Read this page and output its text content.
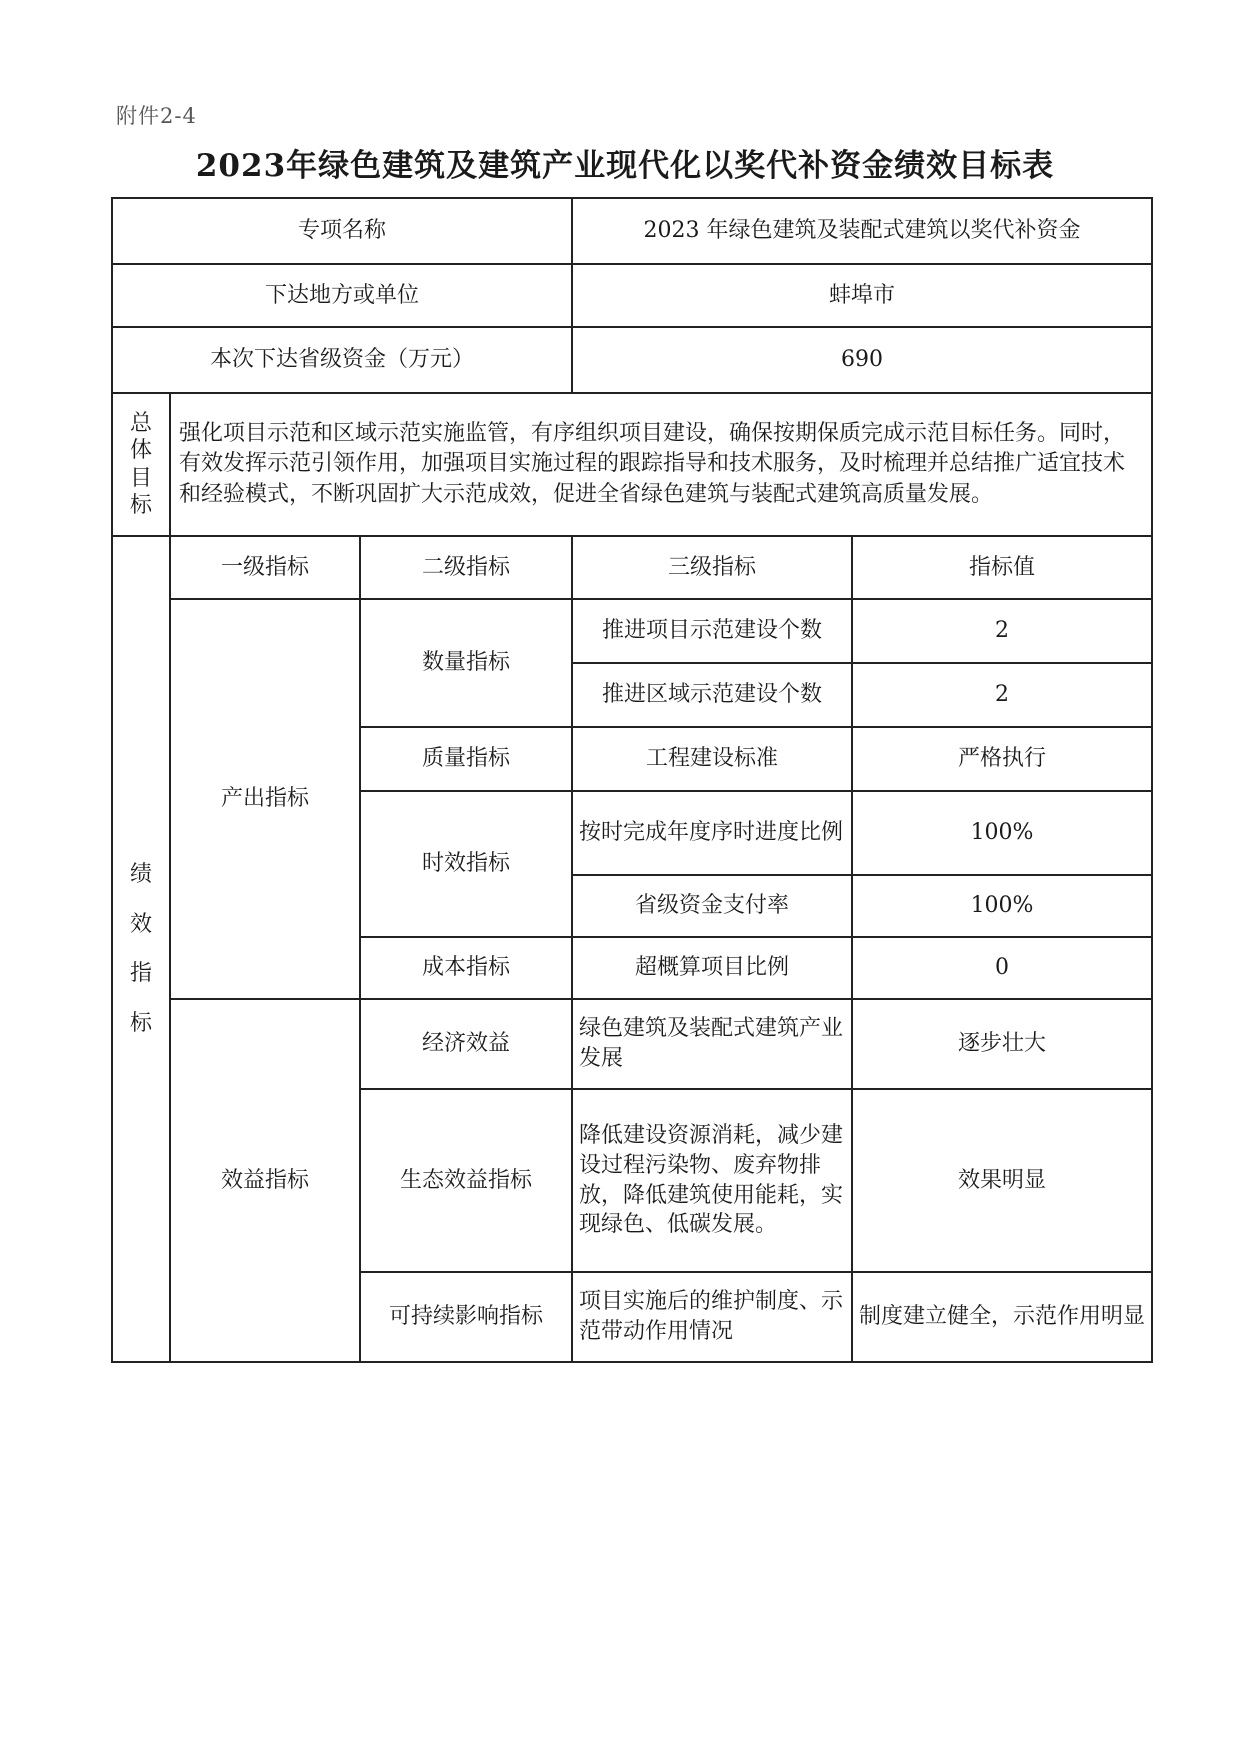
附件2-4
2023年绿色建筑及建筑产业现代化以奖代补资金绩效目标表
专项名称			2023 年绿色建筑及装配式建筑以奖代补资金	
下达地方或单位			蚌埠市	
本次下达省级资金（万元）			690	

总
体
目
标	强化项目示范和区域示范实施监管，有序组织项目建设，确保按期保质完成示范目标任务。同时，有效发挥示范引领作用，加强项目实施过程的跟踪指导和技术服务，及时梳理并总结推广适宜技术和经验模式，不断巩固扩大示范成效，促进全省绿色建筑与装配式建筑高质量发展。			

绩
效
指
标	一级指标	二级指标	三级指标	指标值
	产出指标	数量指标	推进项目示范建设个数	2
			推进区域示范建设个数	2
		质量指标	工程建设标准	严格执行
		时效指标	按时完成年度序时进度比例	100%
			省级资金支付率	100%
		成本指标	超概算项目比例	0

	效益指标	经济效益	绿色建筑及装配式建筑产业发展	逐步壮大
		生态效益指标	降低建设资源消耗，减少建设过程污染物、废弃物排放，降低建筑使用能耗，实现绿色、低碳发展。	效果明显
		可持续影响指标	项目实施后的维护制度、示范带动作用情况	制度建立健全，示范作用明显
